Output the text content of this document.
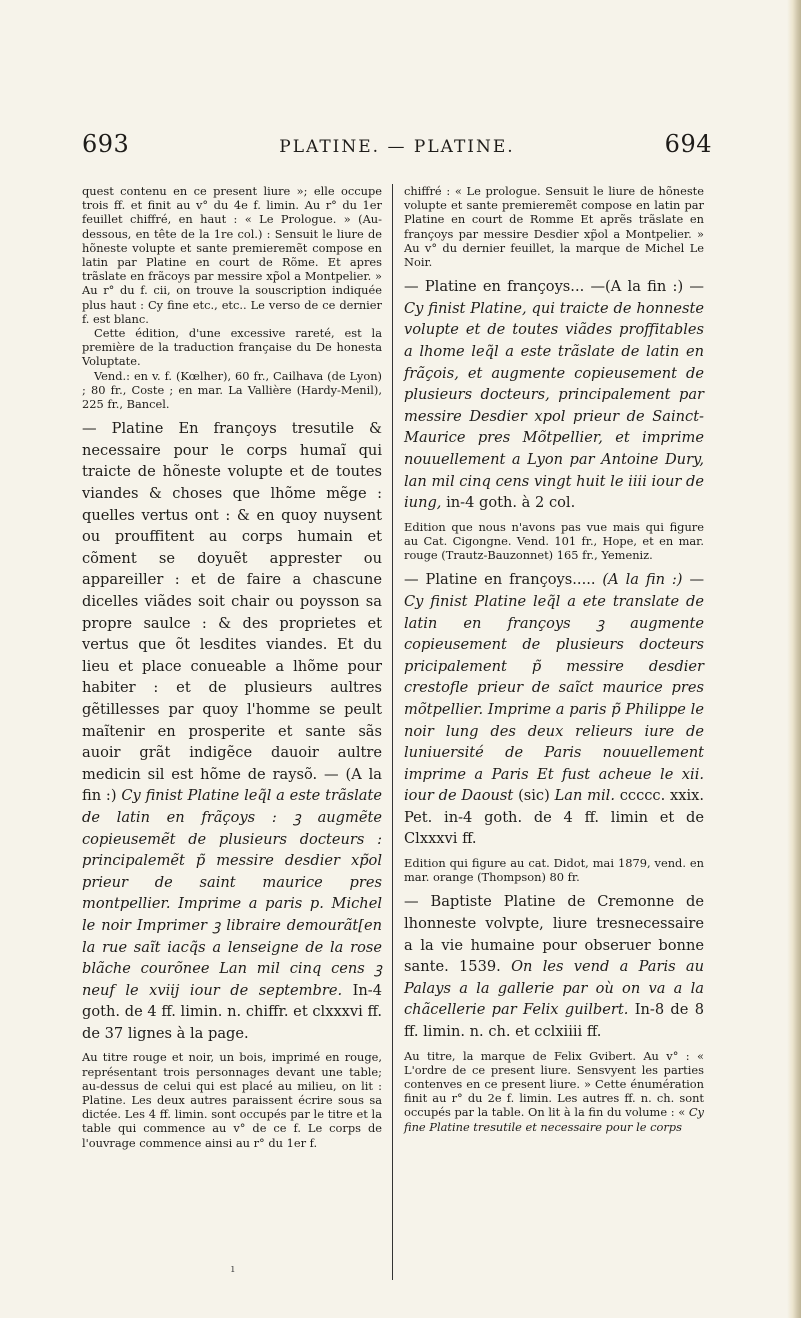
693	PLATINE. — PLATINE.	694

quest contenu en ce present liure »; elle occupe trois ff. et finit au v° du 4e f. limin. Au r° du 1er feuillet chiffré, en haut : « Le Prologue. » (Au-dessous, en tête de la 1re col.) : Sensuit le liure de hõneste volupte et sante premieremẽt compose en latin par Platine en court de Rõme. Et apres trãslate en frãcoys par messire xp̃ol a Montpelier. » Au r° du f. cii, on trouve la souscription indiquée plus haut : Cy fine etc., etc.. Le verso de ce dernier f. est blanc.

Cette édition, d'une excessive rareté, est la première de la traduction française du De honesta Voluptate.

Vend.: en v. f. (Kœlher), 60 fr., Cailhava (de Lyon) ; 80 fr., Coste ; en mar. La Vallière (Hardy-Menil), 225 fr., Bancel.

— Platine En françoys tresutile & necessaire pour le corps humaĩ qui traicte de hõneste volupte et de toutes viandes & choses que lhõme mẽge : quelles vertus ont : & en quoy nuysent ou prouffitent au corps humain et cõment se doyuẽt apprester ou appareiller : et de faire a chascune dicelles viãdes soit chair ou poysson sa propre saulce : & des proprietes et vertus que õt lesdites viandes. Et du lieu et place conueable a lhõme pour habiter : et de plusieurs aultres gẽtillesses par quoy l'homme se peult maĩtenir en prosperite et sante sãs auoir grãt indigẽce dauoir aultre medicin sil est hõme de raysõ. — (A la fin :) Cy finist Platine leq̃l a este trãslate de latin en frãçoys : ꝫ augmẽte copieusemẽt de plusieurs docteurs : principalemẽt p̃ messire desdier xp̃ol prieur de saint maurice pres montpellier. Imprime a paris p. Michel le noir Imprimer ꝫ libraire demourãt[en la rue saĩt iacq̃s a lenseigne de la rose blãche courõnee Lan mil cinq cens ꝫ neuf le xviij iour de septembre. In-4 goth. de 4 ff. limin. n. chiffr. et clxxxvi ff. de 37 lignes à la page.

Au titre rouge et noir, un bois, imprimé en rouge, représentant trois personnages devant une table; au-dessus de celui qui est placé au milieu, on lit : Platine. Les deux autres paraissent écrire sous sa dictée. Les 4 ff. limin. sont occupés par le titre et la table qui commence au v° de ce f. Le corps de l'ouvrage commence ainsi au r° du 1er f.

chiffré : « Le prologue. Sensuit le liure de hõneste volupte et sante premieremẽt compose en latin par Platine en court de Romme Et aprẽs trãslate en françoys par messire Desdier xp̃ol a Montpelier. » Au v° du dernier feuillet, la marque de Michel Le Noir.

— Platine en françoys... —(A la fin :) — Cy finist Platine, qui traicte de honneste volupte et de toutes viãdes proffitables a lhome leq̃l a este trãslate de latin en frãçois, et augmente copieusement de plusieurs docteurs, principalement par messire Desdier xpol prieur de Sainct-Maurice pres Mõtpellier, et imprime nouuellement a Lyon par Antoine Dury, lan mil cinq cens vingt huit le iiii iour de iung, in-4 goth. à 2 col.

Edition que nous n'avons pas vue mais qui figure au Cat. Cigongne. Vend. 101 fr., Hope, et en mar. rouge (Trautz-Bauzonnet) 165 fr., Yemeniz.

— Platine en françoys..... (A la fin :) — Cy finist Platine leq̃l a ete translate de latin en françoys ꝫ augmente copieusement de plusieurs docteurs pricipalement p̃ messire desdier crestofle prieur de saĩct maurice pres mõtpellier. Imprime a paris p̃ Philippe le noir lung des deux relieurs iure de luniuersité de Paris nouuellement imprime a Paris Et fust acheue le xii. iour de Daoust (sic) Lan mil. ccccc. xxix. Pet. in-4 goth. de 4 ff. limin et de Clxxxvi ff.

Edition qui figure au cat. Didot, mai 1879, vend. en mar. orange (Thompson) 80 fr.

— Baptiste Platine de Cremonne de lhonneste volvpte, liure tresnecessaire a la vie humaine pour obseruer bonne sante. 1539. On les vend a Paris au Palays a la gallerie par où on va a la chãcellerie par Felix guilbert. In-8 de 8 ff. limin. n. ch. et cclxiiii ff.

Au titre, la marque de Felix Gvibert. Au v° : « L'ordre de ce present liure. Sensvyent les parties contenves en ce present liure. » Cette énumération finit au r° du 2e f. limin. Les autres ff. n. ch. sont occupés par la table. On lit à la fin du volume : « Cy fine Platine tresutile et necessaire pour le corps

ı
